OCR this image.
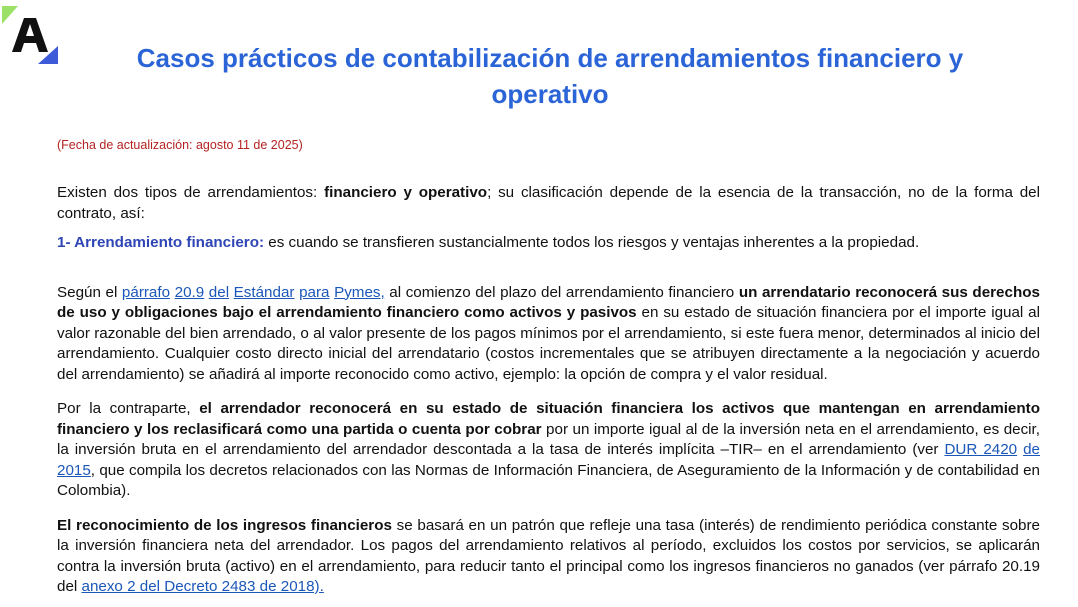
Casos prácticos de contabilización de arrendamientos financiero y operativo
(Fecha de actualización: agosto 11 de 2025)

Existen dos tipos de arrendamientos: financiero y operativo; su clasificación depende de la esencia de la transacción, no de la forma del contrato, así:

1- Arrendamiento financiero: es cuando se transfieren sustancialmente todos los riesgos y ventajas inherentes a la propiedad.

Según el párrafo 20.9 del Estándar para Pymes, al comienzo del plazo del arrendamiento financiero un arrendatario reconocerá sus derechos de uso y obligaciones bajo el arrendamiento financiero como activos y pasivos en su estado de situación financiera por el importe igual al valor razonable del bien arrendado, o al valor presente de los pagos mínimos por el arrendamiento, si este fuera menor, determinados al inicio del arrendamiento. Cualquier costo directo inicial del arrendatario (costos incrementales que se atribuyen directamente a la negociación y acuerdo del arrendamiento) se añadirá al importe reconocido como activo, ejemplo: la opción de compra y el valor residual.

Por la contraparte, el arrendador reconocerá en su estado de situación financiera los activos que mantengan en arrendamiento financiero y los reclasificará como una partida o cuenta por cobrar por un importe igual al de la inversión neta en el arrendamiento, es decir, la inversión bruta en el arrendamiento del arrendador descontada a la tasa de interés implícita –TIR– en el arrendamiento (ver DUR 2420 de 2015, que compila los decretos relacionados con las Normas de Información Financiera, de Aseguramiento de la Información y de contabilidad en Colombia).

El reconocimiento de los ingresos financieros se basará en un patrón que refleje una tasa (interés) de rendimiento periódica constante sobre la inversión financiera neta del arrendador. Los pagos del arrendamiento relativos al período, excluidos los costos por servicios, se aplicarán contra la inversión bruta (activo) en el arrendamiento, para reducir tanto el principal como los ingresos financieros no ganados (ver párrafo 20.19 del anexo 2 del Decreto 2483 de 2018).
